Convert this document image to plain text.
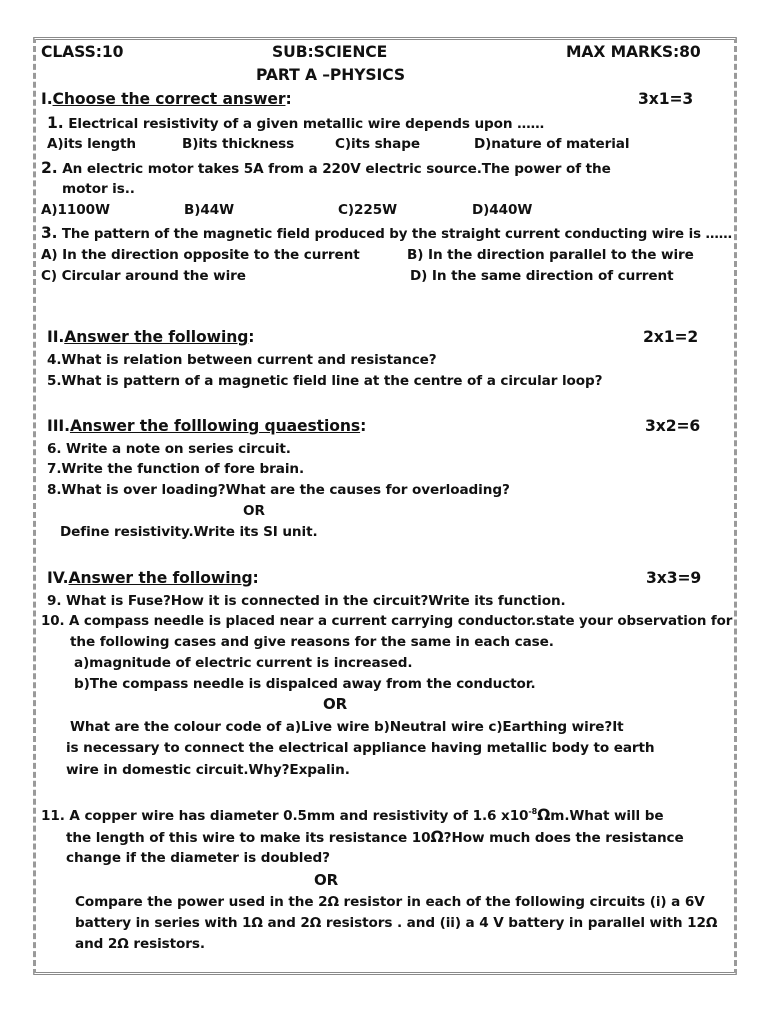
CLASS:10	SUB:SCIENCE	MAX MARKS:80
PART A –PHYSICS
I.Choose the correct answer:	3x1=3
1. Electrical resistivity of a given metallic wire depends upon ……
A)its length	B)its thickness	C)its shape	D)nature of material
2. An electric motor takes 5A from a 220V electric source.The power of the
motor is..
A)1100W	B)44W	C)225W	D)440W
3. The pattern of the magnetic field produced by the straight current conducting wire is ……
A) In the direction opposite to the current	B) In the direction parallel to the wire
C) Circular around the wire	D) In the same direction of current
II.Answer the following:	2x1=2
4.What is relation between current and resistance?
5.What is pattern of a magnetic field line at the centre of a circular loop?
III.Answer the folllowing quaestions:	3x2=6
6. Write a note on series circuit.
7.Write the function of fore brain.
8.What is over loading?What are the causes for overloading?
OR
Define resistivity.Write its SI unit.
IV.Answer the following:	3x3=9
9. What is Fuse?How it is connected in the circuit?Write its function.
10. A compass needle is placed near a current carrying conductor.state your observation for
the following cases and give reasons for the same in each case.
a)magnitude of electric current is increased.
b)The compass needle is dispalced away from the conductor.
OR
What are the colour code of a)Live wire b)Neutral wire c)Earthing wire?It
is necessary to connect the electrical appliance having metallic body to earth
wire in domestic circuit.Why?Expalin.
11. A copper wire has diameter 0.5mm and resistivity of 1.6 $x10^{-8}\Omega m.What$ will be
the length of this wire to make its resistance 10Ω?How much does the resistance
change if the diameter is doubled?
OR
Compare the power used in the 2Ω resistor in each of the following circuits (i) a 6V
battery in series with 1Ω and 2Ω resistors . and (ii) a 4 V battery in parallel with 12Ω
and 2Ω resistors.
